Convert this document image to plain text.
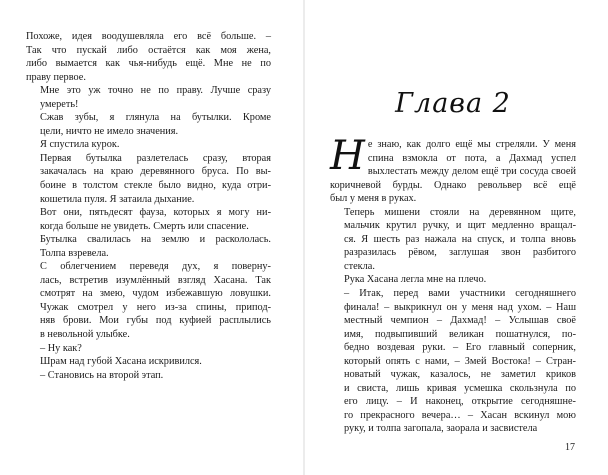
Похоже, идея воодушевляла его всё больше. –
Так что пускай либо остаётся как моя жена,
либо вымается как чья-нибудь ещё. Мне не по
праву первое.

Мне это уж точно не по праву. Лучше сразу
умереть!

Сжав зубы, я глянула на бутылки. Кроме
цели, ничто не имело значения.

Я спустила курок.

Первая бутылка разлетелась сразу, вторая
закачалась на краю деревянного бруса. По вы-
боине в толстом стекле было видно, куда отри-
кошетила пуля. Я затаила дыхание.

Вот они, пятьдесят фауза, которых я могу ни-
когда больше не увидеть. Смерть или спасение.

Бутылка свалилась на землю и раскололась.
Толпа взревела.

С облегчением переведя дух, я поверну-
лась, встретив изумлённый взгляд Хасана. Так
смотрят на змею, чудом избежавшую ловушки.
Чужак смотрел у него из-за спины, припод-
няв брови. Мои губы под куфией расплылись
в невольной улыбке.

– Ну как?

Шрам над губой Хасана искривился.

– Становись на второй этап.

Глава 2

Н е знаю, как долго ещё мы стреляли. У меня
спина взмокла от пота, а Дахмад успел
выхлестать между делом ещё три сосуда своей
коричневой бурды. Однако револьвер всё ещё
был у меня в руках.

Теперь мишени стояли на деревянном щите,
мальчик крутил ручку, и щит медленно вращал-
ся. Я шесть раз нажала на спуск, и толпа вновь
разразилась рёвом, заглушая звон разбитого
стекла.

Рука Хасана легла мне на плечо.

– Итак, перед вами участники сегодняшнего
финала! – выкрикнул он у меня над ухом. – Наш
местный чемпион – Дахмад! – Услышав своё
имя, подвыпивший великан пошатнулся, по-
бедно воздевая руки. – Его главный соперник,
который опять с нами, – Змей Востока! – Стран-
новатый чужак, казалось, не заметил криков
и свиста, лишь кривая усмешка скользнула по
его лицу. – И наконец, открытие сегодняшне-
го прекрасного вечера… – Хасан вскинул мою
руку, и толпа загопала, заорала и засвистела

17
